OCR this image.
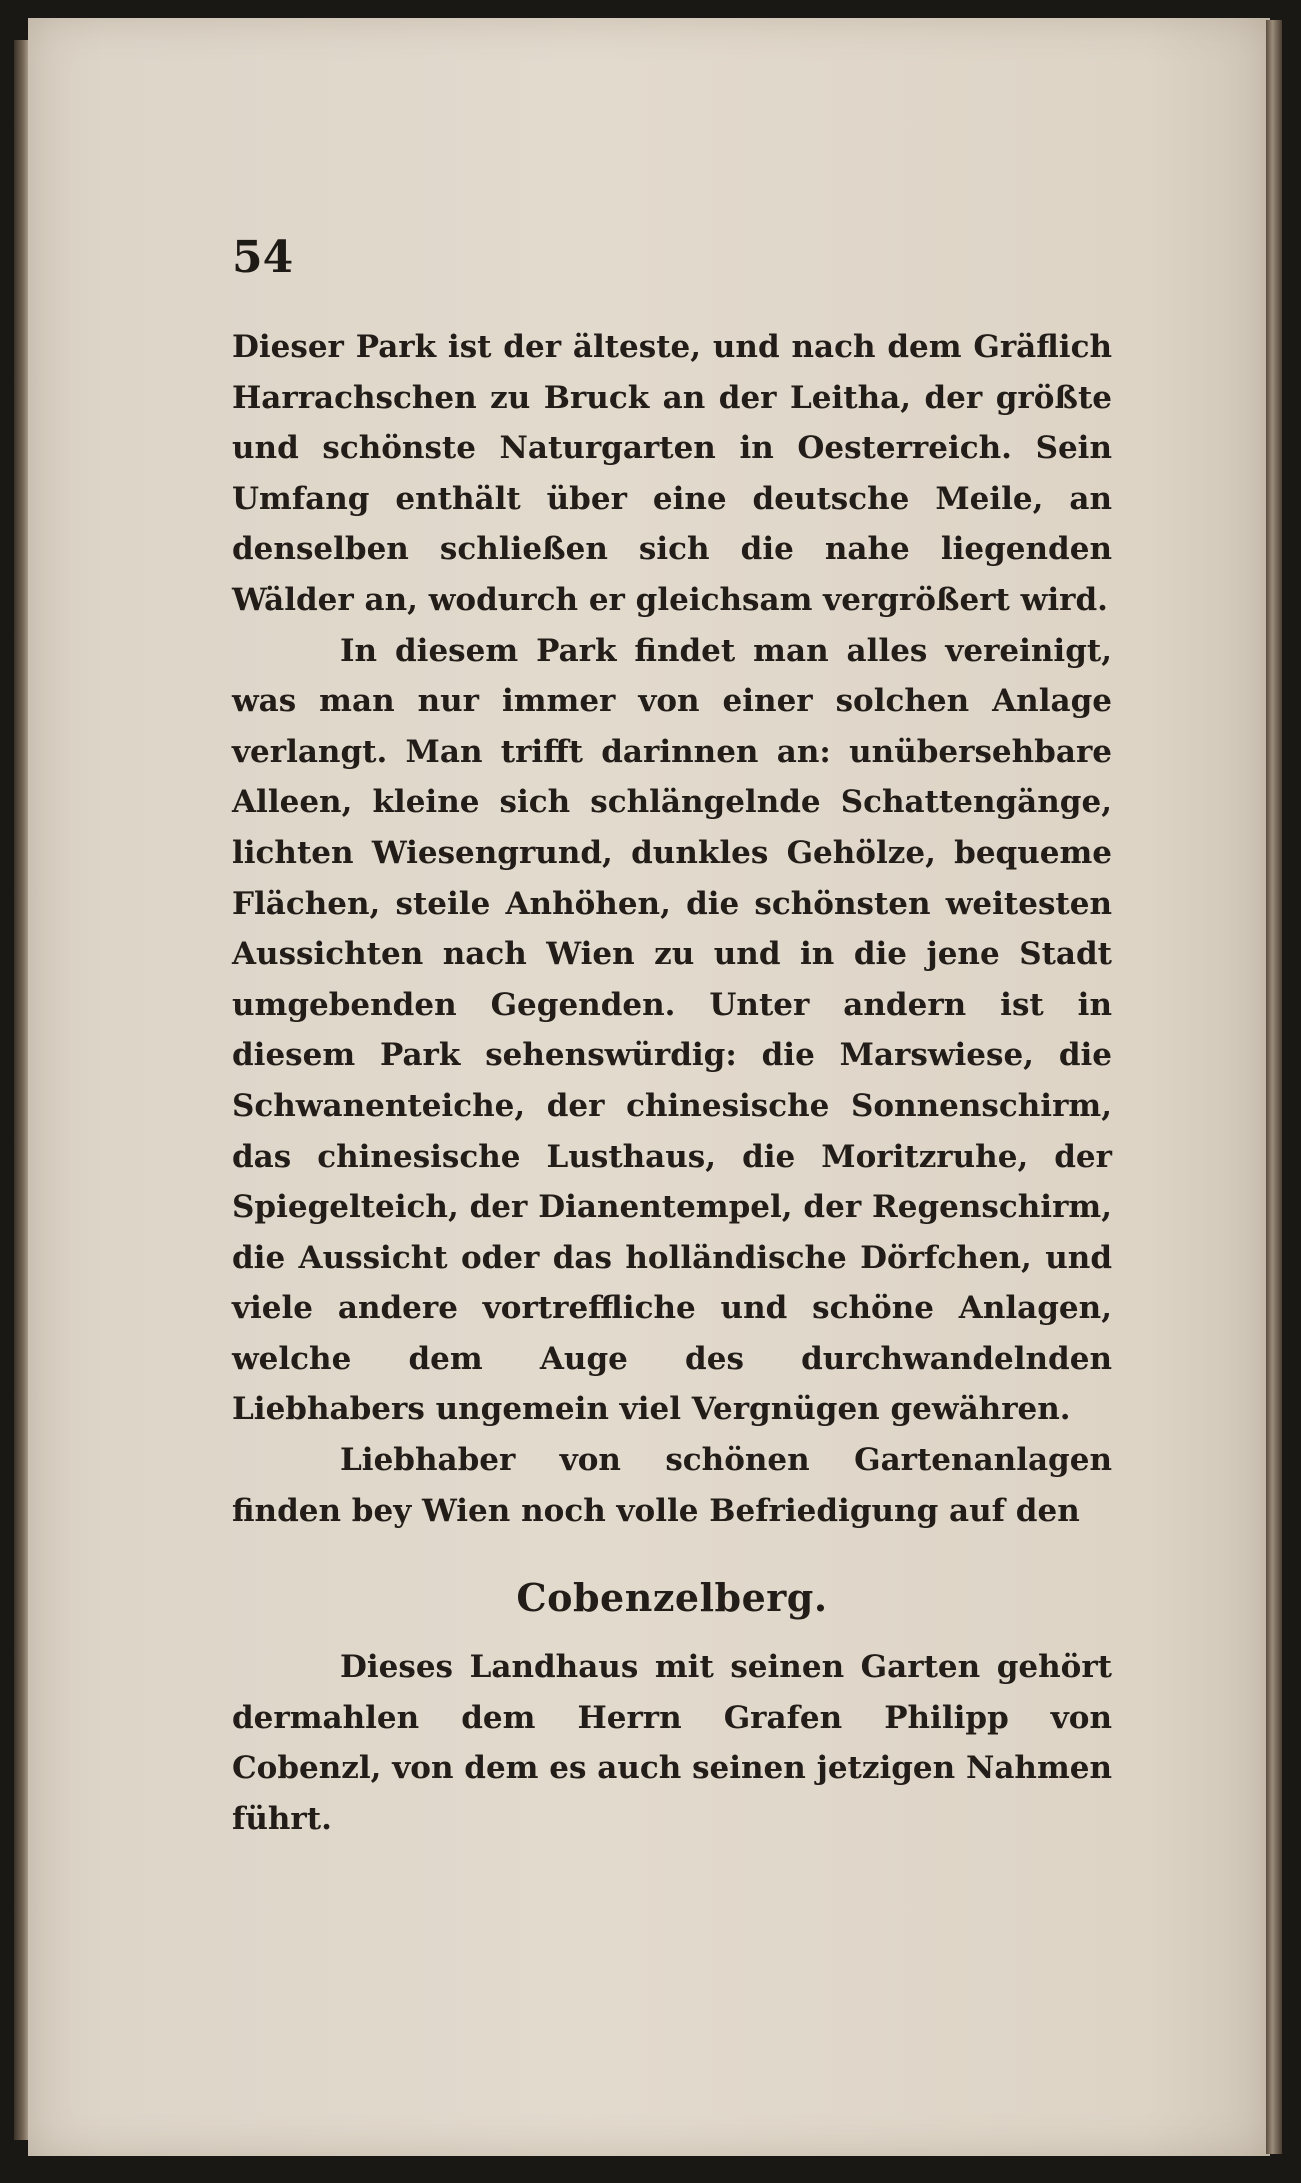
54

Dieser Park ist der älteste, und nach dem Gräflich Harrachschen zu Bruck an der Leitha, der größte und schönste Naturgarten in Oesterreich. Sein Umfang enthält über eine deutsche Meile, an denselben schließen sich die nahe liegenden Wälder an, wodurch er gleichsam vergrößert wird.

In diesem Park findet man alles vereinigt, was man nur immer von einer solchen Anlage verlangt. Man trifft darinnen an: unübersehbare Alleen, kleine sich schlängelnde Schattengänge, lichten Wiesengrund, dunkles Gehölze, bequeme Flächen, steile Anhöhen, die schönsten weitesten Aussichten nach Wien zu und in die jene Stadt umgebenden Gegenden. Unter andern ist in diesem Park sehenswürdig: die Marswiese, die Schwanenteiche, der chinesische Sonnenschirm, das chinesische Lusthaus, die Moritzruhe, der Spiegelteich, der Dianentempel, der Regenschirm, die Aussicht oder das holländische Dörfchen, und viele andere vortreffliche und schöne Anlagen, welche dem Auge des durchwandelnden Liebhabers ungemein viel Vergnügen gewähren.

Liebhaber von schönen Gartenanlagen finden bey Wien noch volle Befriedigung auf den

Cobenzelberg.

Dieses Landhaus mit seinen Garten gehört dermahlen dem Herrn Grafen Philipp von Cobenzl, von dem es auch seinen jetzigen Nahmen führt.
